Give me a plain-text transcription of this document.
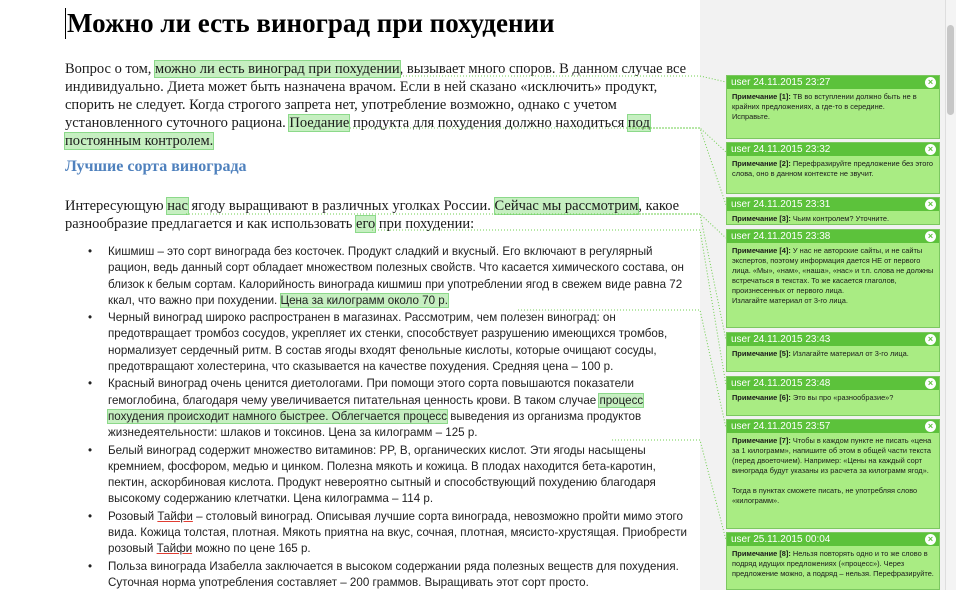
Можно ли есть виноград при похудении

Вопрос о том, можно ли есть виноград при похудении, вызывает много споров. В данном случае все индивидуально. Диета может быть назначена врачом. Если в ней сказано «исключить» продукт, спорить не следует. Когда строгого запрета нет, употребление возможно, однако с учетом установленного суточного рациона. Поедание продукта для похудения должно находиться под постоянным контролем.

Лучшие сорта винограда

Интересующую нас ягоду выращивают в различных уголках России. Сейчас мы рассмотрим, какое разнообразие предлагается и как использовать его при похудении:

• Кишмиш – это сорт винограда без косточек. Продукт сладкий и вкусный. Его включают в регулярный рацион, ведь данный сорт обладает множеством полезных свойств. Что касается химического состава, он близок к белым сортам. Калорийность винограда кишмиш при употреблении ягод в свежем виде равна 72 ккал, что важно при похудении. Цена за килограмм около 70 р.
• Черный виноград широко распространен в магазинах. Рассмотрим, чем полезен виноград: он предотвращает тромбоз сосудов, укрепляет их стенки, способствует разрушению имеющихся тромбов, нормализует сердечный ритм. В состав ягоды входят фенольные кислоты, которые очищают сосуды, предотвращают холестерина, что сказывается на качестве похудения. Средняя цена – 100 р.
• Красный виноград очень ценится диетологами. При помощи этого сорта повышаются показатели гемоглобина, благодаря чему увеличивается питательная ценность крови. В таком случае процесс похудения происходит намного быстрее. Облегчается процесс выведения из организма продуктов жизнедеятельности: шлаков и токсинов. Цена за килограмм – 125 р.
• Белый виноград содержит множество витаминов: PP, B, органических кислот. Эти ягоды насыщены кремнием, фосфором, медью и цинком. Полезна мякоть и кожица. В плодах находится бета-каротин, пектин, аскорбиновая кислота. Продукт невероятно сытный и способствующий похудению благодаря высокому содержанию клетчатки. Цена килограмма – 114 р.
• Розовый Тайфи – столовый виноград. Описывая лучшие сорта винограда, невозможно пройти мимо этого вида. Кожица толстая, плотная. Мякоть приятна на вкус, сочная, плотная, мясисто-хрустящая. Приобрести розовый Тайфи можно по цене 165 р.
• Польза винограда Изабелла заключается в высоком содержании ряда полезных веществ для похудения. Суточная норма употребления составляет – 200 граммов. Выращивать этот сорт просто.
user 24.11.2015 23:27	×
Примечание [1]: ТВ во вступлении должно быть не в крайних предложениях, а где-то в середине.
Исправьте.
user 24.11.2015 23:32	×
Примечание [2]: Перефразируйте предложение без этого слова, оно в данном контексте не звучит.
user 24.11.2015 23:31	×
Примечание [3]: Чьим контролем? Уточните.
user 24.11.2015 23:38	×
Примечание [4]: У нас не авторские сайты, и не сайты экспертов, поэтому информация дается НЕ от первого лица. «Мы», «нам», «наша», «нас» и т.п. слова не должны встречаться в текстах. То же касается глаголов, произнесенных от первого лица.
Излагайте материал от 3-го лица.
user 24.11.2015 23:43	×
Примечание [5]: Излагайте материал от 3-го лица.
user 24.11.2015 23:48	×
Примечание [6]: Это вы про «разнообразие»?
user 24.11.2015 23:57	×
Примечание [7]: Чтобы в каждом пункте не писать «цена за 1 килограмм», напишите об этом в общей части текста (перед двоеточием). Например: «Цены на каждый сорт винограда будут указаны из расчета за килограмм ягод».

Тогда в пунктах сможете писать, не употребляя слово «килограмм».
user 25.11.2015 00:04	×
Примечание [8]: Нельзя повторять одно и то же слово в подряд идущих предложениях («процесс»). Через предложение можно, а подряд – нельзя. Перефразируйте.
